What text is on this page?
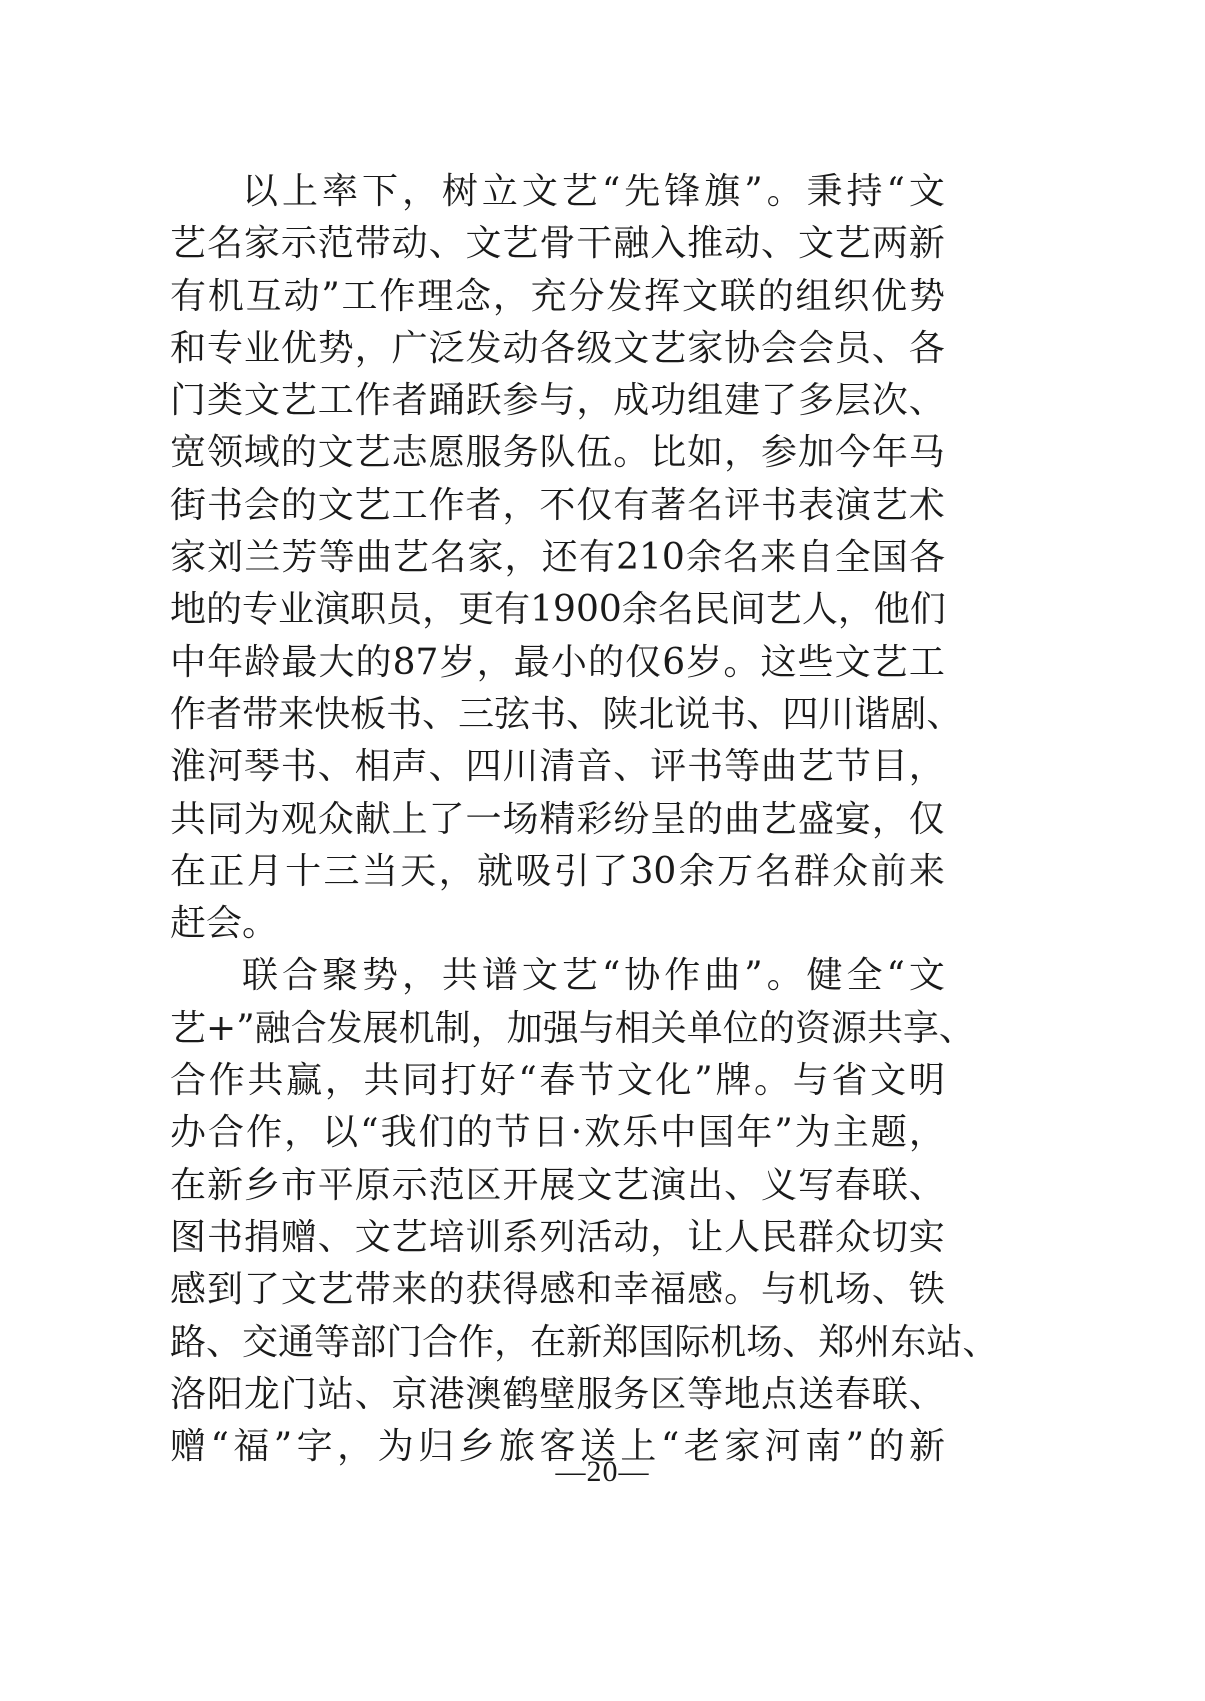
以 上 率 下 ， 树 立 文 艺 “ 先 锋 旗 ” 。 秉 持 “ 文
艺 名 家 示 范 带 动 、 文 艺 骨 干 融 入 推 动 、 文 艺 两 新
有 机 互 动 ” 工 作 理 念 ， 充 分 发 挥 文 联 的 组 织 优 势
和 专 业 优 势 ， 广 泛 发 动 各 级 文 艺 家 协 会 会 员 、 各
门 类 文 艺 工 作 者 踊 跃 参 与 ， 成 功 组 建 了 多 层 次 、
宽 领 域 的 文 艺 志 愿 服 务 队 伍 。 比 如 ， 参 加 今 年 马
街 书 会 的 文 艺 工 作 者 ， 不 仅 有 著 名 评 书 表 演 艺 术
家 刘 兰 芳 等 曲 艺 名 家 ， 还 有 210 余 名 来 自 全 国 各
地 的 专 业 演 职 员 ， 更 有 1900 余 名 民 间 艺 人 ， 他 们
中 年 龄 最 大 的 87 岁 ， 最 小 的 仅 6 岁 。 这 些 文 艺 工
作 者 带 来 快 板 书 、 三 弦 书 、 陕 北 说 书 、 四 川 谐 剧 、
淮 河 琴 书 、 相 声 、 四 川 清 音 、 评 书 等 曲 艺 节 目 ，
共 同 为 观 众 献 上 了 一 场 精 彩 纷 呈 的 曲 艺 盛 宴 ， 仅
在 正 月 十 三 当 天 ， 就 吸 引 了 30 余 万 名 群 众 前 来
赶会。
联 合 聚 势 ， 共 谱 文 艺 “ 协 作 曲 ” 。 健 全 “ 文
艺 + ” 融 合 发 展 机 制 ， 加 强 与 相 关 单 位 的 资 源 共 享 、
合 作 共 赢 ， 共 同 打 好 “ 春 节 文 化 ” 牌 。 与 省 文 明
办 合 作 ， 以 “ 我 们 的 节 日 · 欢 乐 中 国 年 ” 为 主 题 ，
在 新 乡 市 平 原 示 范 区 开 展 文 艺 演 出 、 义 写 春 联 、
图 书 捐 赠 、 文 艺 培 训 系 列 活 动 ， 让 人 民 群 众 切 实
感 到 了 文 艺 带 来 的 获 得 感 和 幸 福 感 。 与 机 场 、 铁
路 、 交 通 等 部 门 合 作 ， 在 新 郑 国 际 机 场 、 郑 州 东 站 、
洛 阳 龙 门 站 、 京 港 澳 鹤 壁 服 务 区 等 地 点 送 春 联 、
赠 “ 福 ” 字 ， 为 归 乡 旅 客 送 上 “ 老 家 河 南 ” 的 新
—20—
